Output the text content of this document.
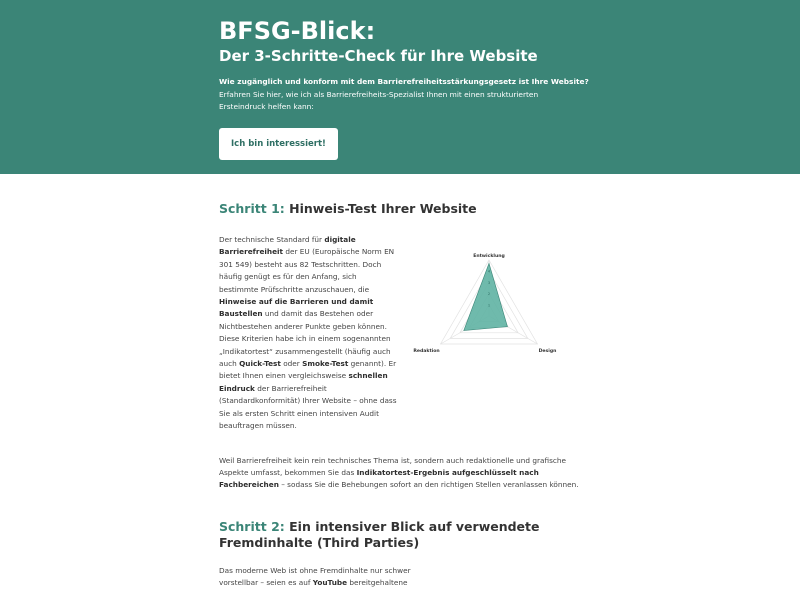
BFSG-Blick:
Der 3-Schritte-Check für Ihre Website

Wie zugänglich und konform mit dem Barrierefreiheitsstärkungsgesetz ist Ihre Website?

Erfahren Sie hier, wie ich als Barrierefreiheits-Spezialist Ihnen mit einen strukturierten Ersteindruck helfen kann:

Ich bin interessiert!
Schritt 1: Hinweis-Test Ihrer Website

Der technische Standard für digitale Barrierefreiheit der EU (Europäische Norm EN 301 549) besteht aus 82 Testschritten. Doch häufig genügt es für den Anfang, sich bestimmte Prüfschritte anzuschauen, die Hinweise auf die Barrieren und damit Baustellen und damit das Bestehen oder Nichtbestehen anderer Punkte geben können. Diese Kriterien habe ich in einem sogenannten „Indikatortest“ zusammengestellt (häufig auch auch Quick-Test oder Smoke-Test genannt). Er bietet Ihnen einen vergleichsweise schnellen Eindruck der Barrierefreiheit (Standardkonformität) Ihrer Website – ohne dass Sie als ersten Schritt einen intensiven Audit beauftragen müssen.

1
2
3
4
Entwicklung
Design
Redaktion

Weil Barrierefreiheit kein rein technisches Thema ist, sondern auch redaktionelle und grafische Aspekte umfasst, bekommen Sie das Indikatortest-Ergebnis aufgeschlüsselt nach Fachbereichen – sodass Sie die Behebungen sofort an den richtigen Stellen veranlassen können.

Schritt 2: Ein intensiver Blick auf verwendete Fremdinhalte (Third Parties)

Das moderne Web ist ohne Fremdinhalte nur schwer vorstellbar – seien es auf YouTube bereitgehaltene
